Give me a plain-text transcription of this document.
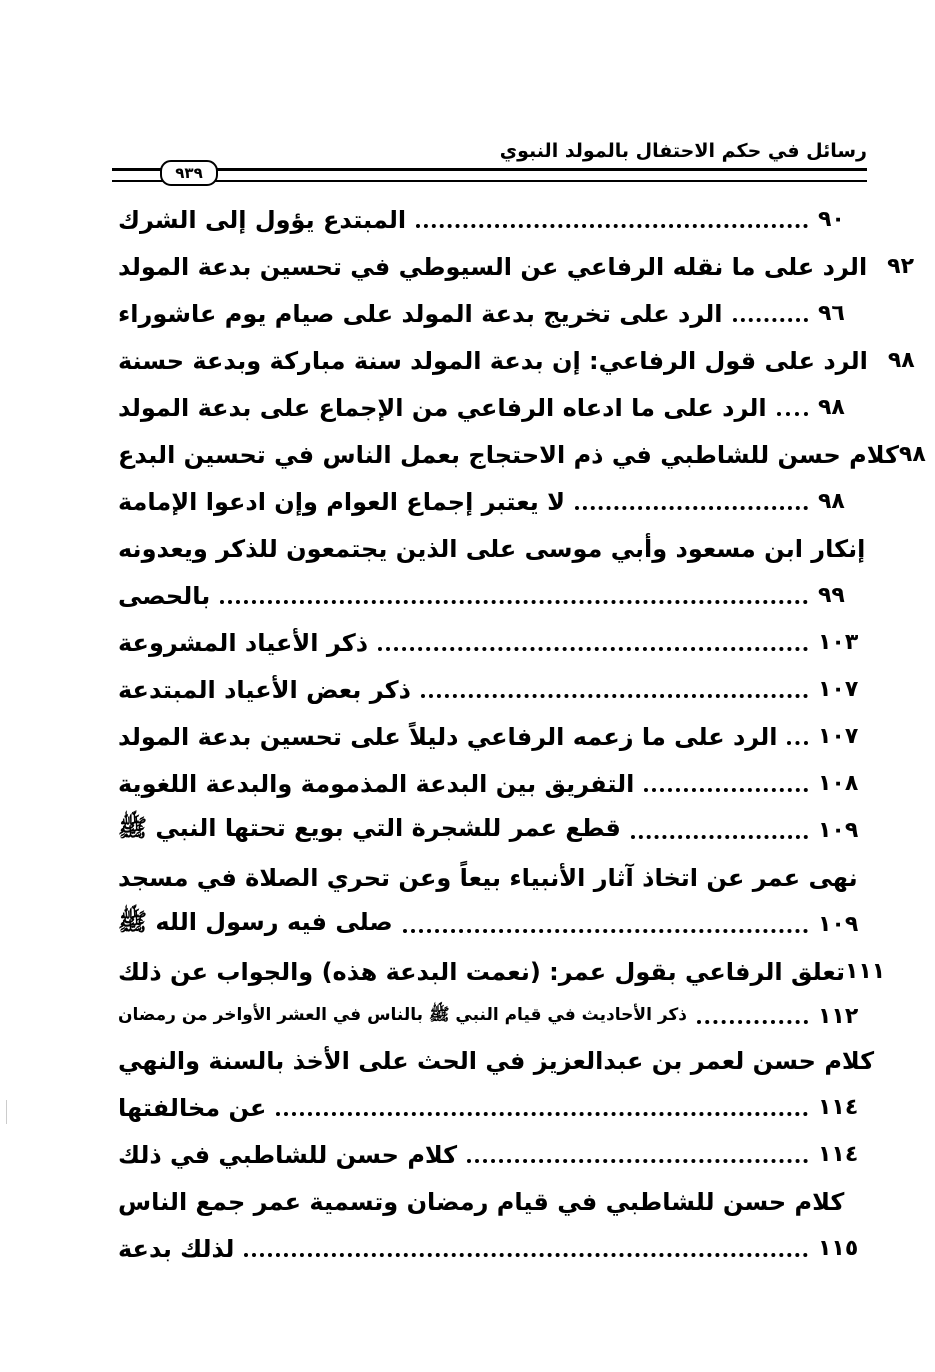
رسائل في حكم الاحتفال بالمولد النبوي
٩٣٩
المبتدع يؤول إلى الشرك	٩٠
الرد على ما نقله الرفاعي عن السيوطي في تحسين بدعة المولد ٩٢
الرد على تخريج بدعة المولد على صيام يوم عاشوراء	٩٦
الرد على قول الرفاعي: إن بدعة المولد سنة مباركة وبدعة حسنة ٩٨
الرد على ما ادعاه الرفاعي من الإجماع على بدعة المولد ٩٨
كلام حسن للشاطبي في ذم الاحتجاج بعمل الناس في تحسين البدع ٩٨
لا يعتبر إجماع العوام وإن ادعوا الإمامة	٩٨
إنكار ابن مسعود وأبي موسى على الذين يجتمعون للذكر ويعدونه
بالحصى	٩٩
ذكر الأعياد المشروعة	١٠٣
ذكر بعض الأعياد المبتدعة	١٠٧
الرد على ما زعمه الرفاعي دليلاً على تحسين بدعة المولد ١٠٧
التفريق بين البدعة المذمومة والبدعة اللغوية	١٠٨
قطع عمر للشجرة التي بويع تحتها النبي ﷺ	١٠٩
نهى عمر عن اتخاذ آثار الأنبياء بيعاً وعن تحري الصلاة في مسجد
صلى فيه رسول الله ﷺ	١٠٩
تعلق الرفاعي بقول عمر: (نعمت البدعة هذه) والجواب عن ذلك ١١١
ذكر الأحاديث في قيام النبي ﷺ بالناس في العشر الأواخر من رمضان	١١٢
كلام حسن لعمر بن عبدالعزيز في الحث على الأخذ بالسنة والنهي
عن مخالفتها	١١٤
كلام حسن للشاطبي في ذلك	١١٤
كلام حسن للشاطبي في قيام رمضان وتسمية عمر جمع الناس
لذلك بدعة	١١٥
